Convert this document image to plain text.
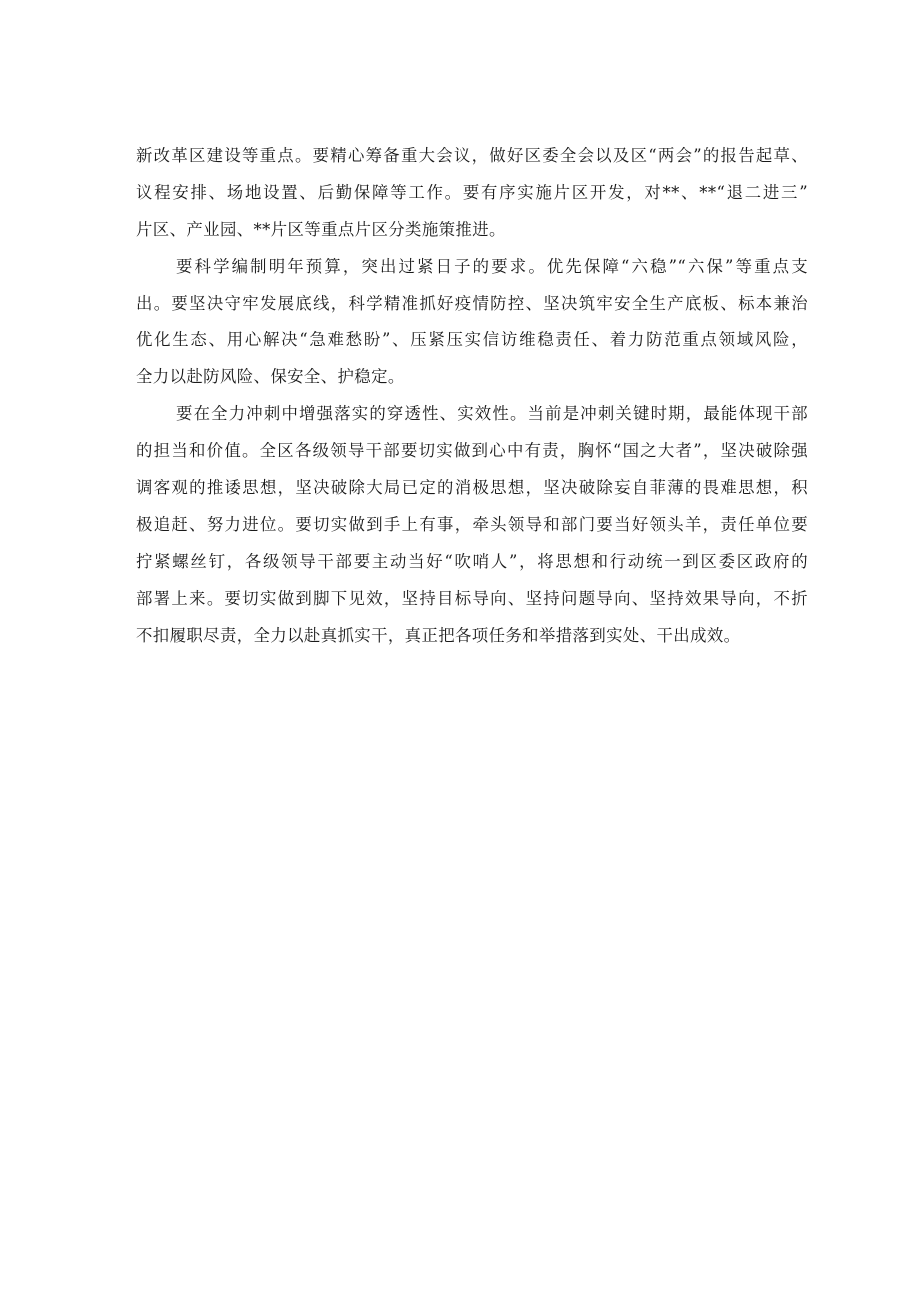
新改革区建设等重点。要精心筹备重大会议，做好区委全会以及区“两会”的报告起草、
议程安排、场地设置、后勤保障等工作。要有序实施片区开发，对**、**“退二进三”
片区、产业园、**片区等重点片区分类施策推进。
要科学编制明年预算，突出过紧日子的要求。优先保障“六稳”“六保”等重点支
出。要坚决守牢发展底线，科学精准抓好疫情防控、坚决筑牢安全生产底板、标本兼治
优化生态、用心解决“急难愁盼”、压紧压实信访维稳责任、着力防范重点领域风险，
全力以赴防风险、保安全、护稳定。
要在全力冲刺中增强落实的穿透性、实效性。当前是冲刺关键时期，最能体现干部
的担当和价值。全区各级领导干部要切实做到心中有责，胸怀“国之大者”，坚决破除强
调客观的推诿思想，坚决破除大局已定的消极思想，坚决破除妄自菲薄的畏难思想，积
极追赶、努力进位。要切实做到手上有事，牵头领导和部门要当好领头羊，责任单位要
拧紧螺丝钉，各级领导干部要主动当好“吹哨人”，将思想和行动统一到区委区政府的
部署上来。要切实做到脚下见效，坚持目标导向、坚持问题导向、坚持效果导向，不折
不扣履职尽责，全力以赴真抓实干，真正把各项任务和举措落到实处、干出成效。
